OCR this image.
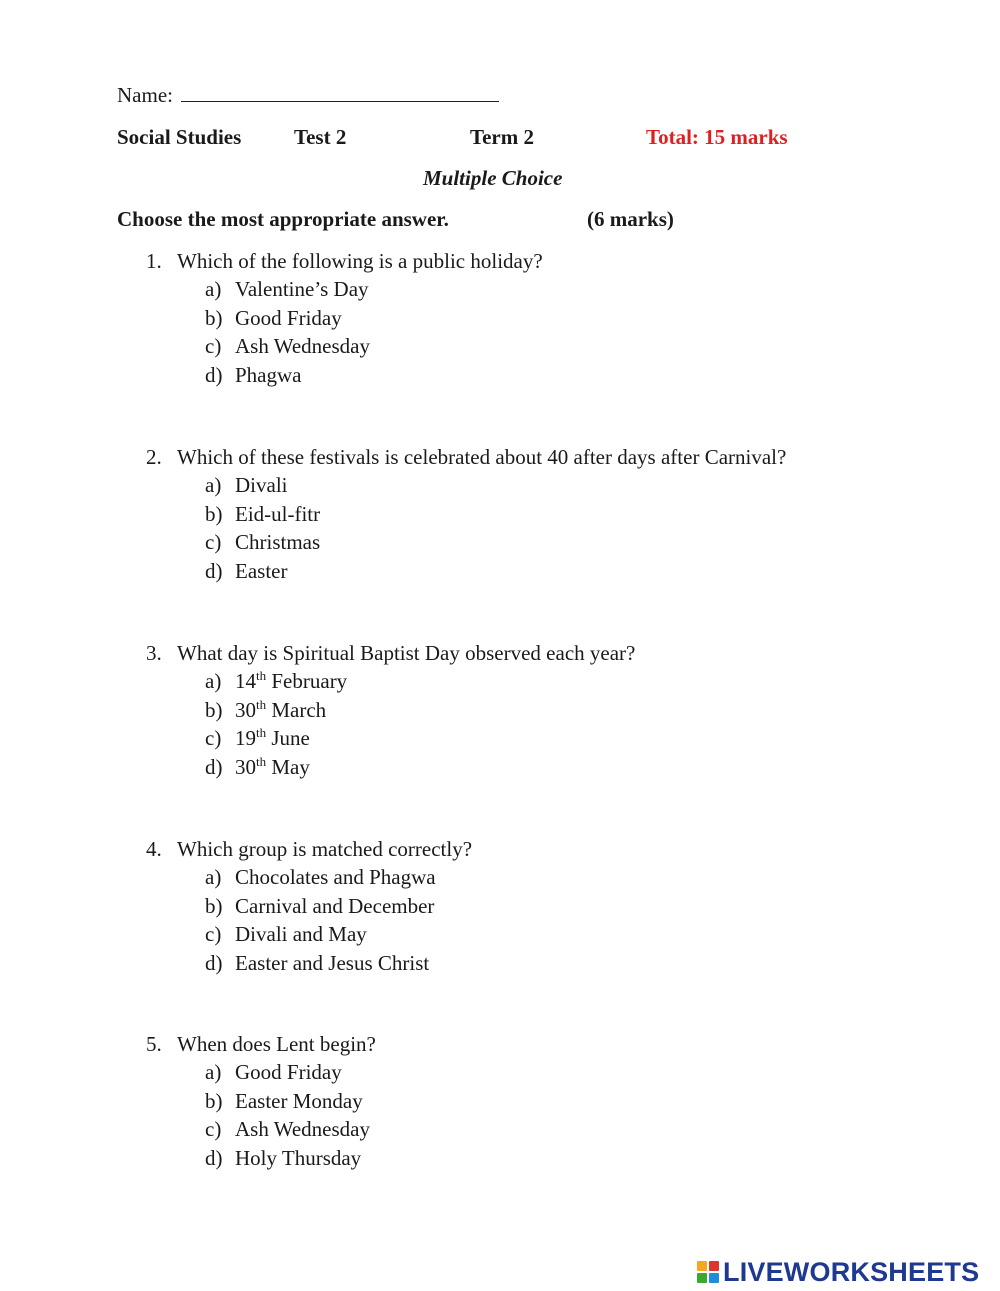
Name:
Social Studies	Test 2	Term 2	Total: 15 marks
Multiple Choice
Choose the most appropriate answer.	(6 marks)
1. Which of the following is a public holiday?
a) Valentine’s Day
b) Good Friday
c) Ash Wednesday
d) Phagwa
2. Which of these festivals is celebrated about 40 after days after Carnival?
a) Divali
b) Eid-ul-fitr
c) Christmas
d) Easter
3. What day is Spiritual Baptist Day observed each year?
a) 14th February
b) 30th March
c) 19th June
d) 30th May
4. Which group is matched correctly?
a) Chocolates and Phagwa
b) Carnival and December
c) Divali and May
d) Easter and Jesus Christ
5. When does Lent begin?
a) Good Friday
b) Easter Monday
c) Ash Wednesday
d) Holy Thursday
LIVEWORKSHEETS
